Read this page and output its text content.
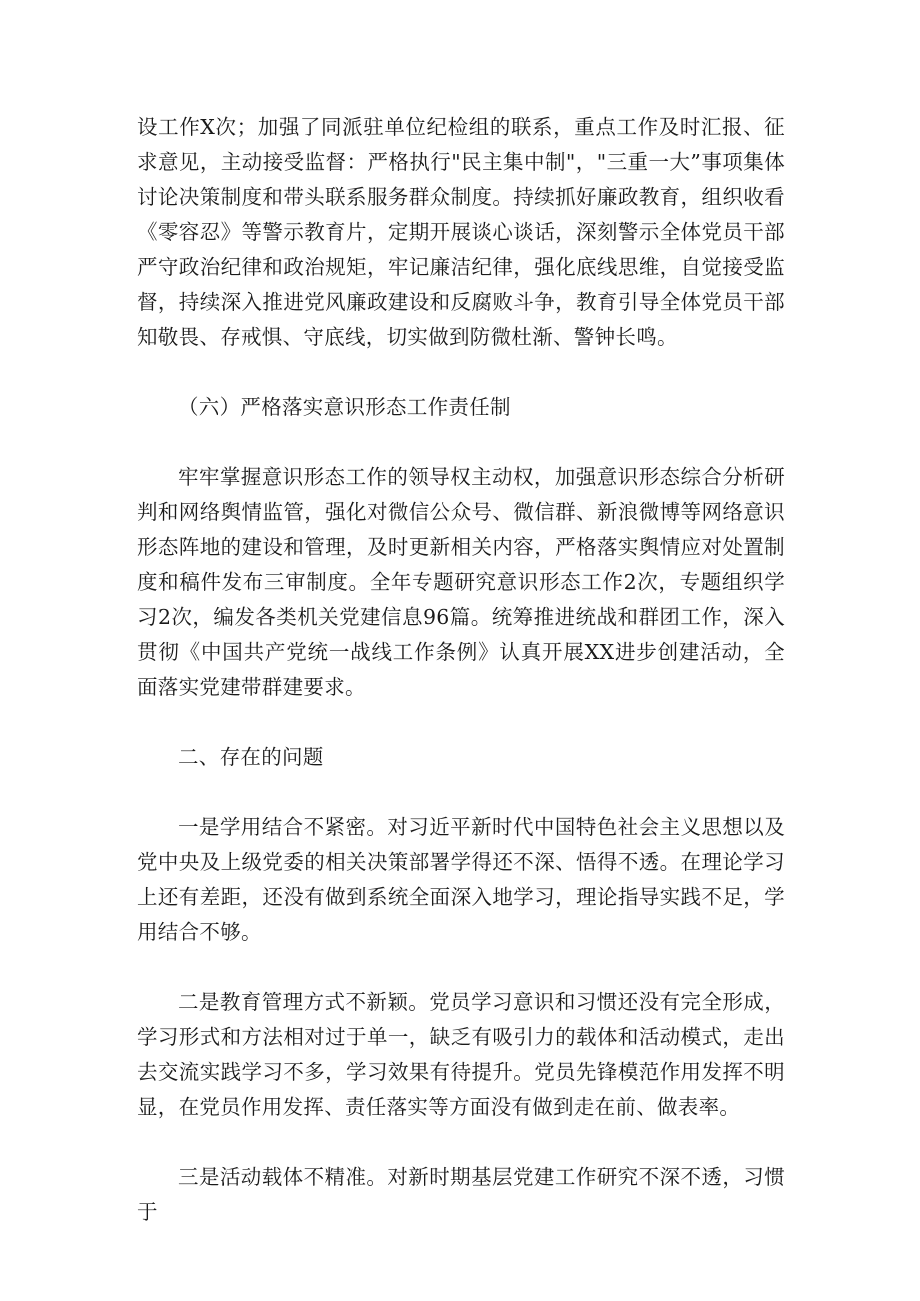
设工作X次；加强了同派驻单位纪检组的联系，重点工作及时汇报、征求意见，主动接受监督：严格执行"民主集中制"，"三重一大”事项集体讨论决策制度和带头联系服务群众制度。持续抓好廉政教育，组织收看《零容忍》等警示教育片，定期开展谈心谈话，深刻警示全体党员干部严守政治纪律和政治规矩，牢记廉洁纪律，强化底线思维，自觉接受监督，持续深入推进党风廉政建设和反腐败斗争，教育引导全体党员干部知敬畏、存戒惧、守底线，切实做到防微杜渐、警钟长鸣。

（六）严格落实意识形态工作责任制

牢牢掌握意识形态工作的领导权主动权，加强意识形态综合分析研判和网络舆情监管，强化对微信公众号、微信群、新浪微博等网络意识形态阵地的建设和管理，及时更新相关内容，严格落实舆情应对处置制度和稿件发布三审制度。全年专题研究意识形态工作2次，专题组织学习2次，编发各类机关党建信息96篇。统筹推进统战和群团工作，深入贯彻《中国共产党统一战线工作条例》认真开展XX进步创建活动，全面落实党建带群建要求。

二、存在的问题

一是学用结合不紧密。对习近平新时代中国特色社会主义思想以及党中央及上级党委的相关决策部署学得还不深、悟得不透。在理论学习上还有差距，还没有做到系统全面深入地学习，理论指导实践不足，学用结合不够。

二是教育管理方式不新颖。党员学习意识和习惯还没有完全形成，学习形式和方法相对过于单一，缺乏有吸引力的载体和活动模式，走出去交流实践学习不多，学习效果有待提升。党员先锋模范作用发挥不明显，在党员作用发挥、责任落实等方面没有做到走在前、做表率。

三是活动载体不精准。对新时期基层党建工作研究不深不透，习惯于
